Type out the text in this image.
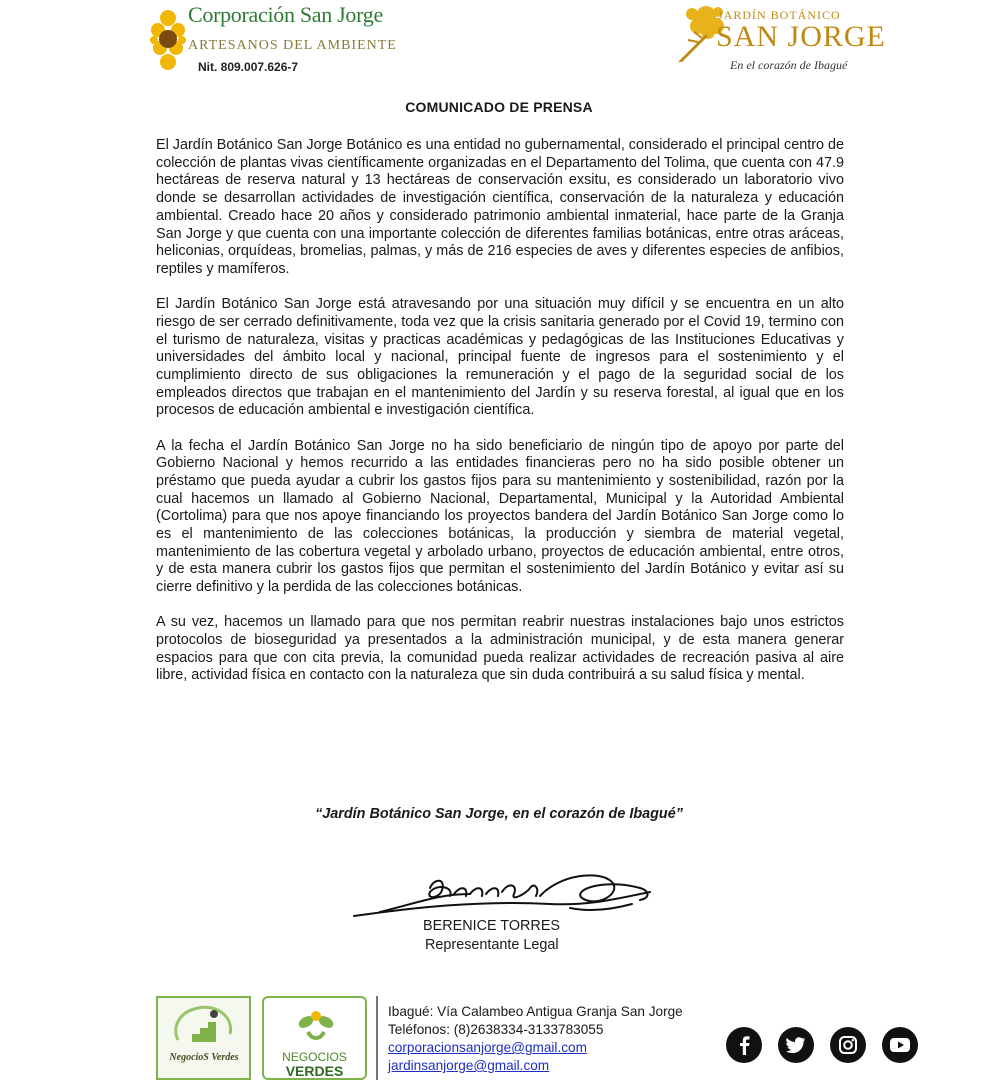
Corporación San Jorge
ARTESANOS DEL AMBIENTE
Nit. 809.007.626-7
JARDÍN BOTÁNICO
SAN JORGE
En el corazón de Ibagué
COMUNICADO DE PRENSA

El Jardín Botánico San Jorge Botánico es una entidad no gubernamental, considerado el principal centro de colección de plantas vivas científicamente organizadas en el Departamento del Tolima, que cuenta con 47.9 hectáreas de reserva natural y 13 hectáreas de conservación exsitu, es considerado un laboratorio vivo donde se desarrollan actividades de investigación científica, conservación de la naturaleza y educación ambiental. Creado hace 20 años y considerado patrimonio ambiental inmaterial, hace parte de la Granja San Jorge y que cuenta con una importante colección de diferentes familias botánicas, entre otras aráceas, heliconias, orquídeas, bromelias, palmas, y más de 216 especies de aves y diferentes especies de anfibios, reptiles y mamíferos.

El Jardín Botánico San Jorge está atravesando por una situación muy difícil y se encuentra en un alto riesgo de ser cerrado definitivamente, toda vez que la crisis sanitaria generado por el Covid 19, termino con el turismo de naturaleza, visitas y practicas académicas y pedagógicas de las Instituciones Educativas y universidades del ámbito local y nacional, principal fuente de ingresos para el sostenimiento y el cumplimiento directo de sus obligaciones la remuneración y el pago de la seguridad social de los empleados directos que trabajan en el mantenimiento del Jardín y su reserva forestal, al igual que en los procesos de educación ambiental e investigación científica.

A la fecha el Jardín Botánico San Jorge no ha sido beneficiario de ningún tipo de apoyo por parte del Gobierno Nacional y hemos recurrido a las entidades financieras pero no ha sido posible obtener un préstamo que pueda ayudar a cubrir los gastos fijos para su mantenimiento y sostenibilidad, razón por la cual hacemos un llamado al Gobierno Nacional, Departamental, Municipal y la Autoridad Ambiental (Cortolima) para que nos apoye financiando los proyectos bandera del Jardín Botánico San Jorge como lo es el mantenimiento de las colecciones botánicas, la producción y siembra de material vegetal, mantenimiento de las cobertura vegetal y arbolado urbano, proyectos de educación ambiental, entre otros, y de esta manera cubrir los gastos fijos que permitan el sostenimiento del Jardín Botánico y evitar así su cierre definitivo y la perdida de las colecciones botánicas.

A su vez, hacemos un llamado para que nos permitan reabrir nuestras instalaciones bajo unos estrictos protocolos de bioseguridad ya presentados a la administración municipal, y de esta manera generar espacios para que con cita previa, la comunidad pueda realizar actividades de recreación pasiva al aire libre, actividad física en contacto con la naturaleza que sin duda contribuirá a su salud física y mental.

“Jardín Botánico San Jorge, en el corazón de Ibagué”
BERENICE TORRES
Representante Legal
NegocioS Verdes	NEGOCIOS
VERDES
Ibagué: Vía Calambeo Antigua Granja San Jorge
Teléfonos: (8)2638334-3133783055
corporacionsanjorge@gmail.com
jardinsanjorge@gmail.com
